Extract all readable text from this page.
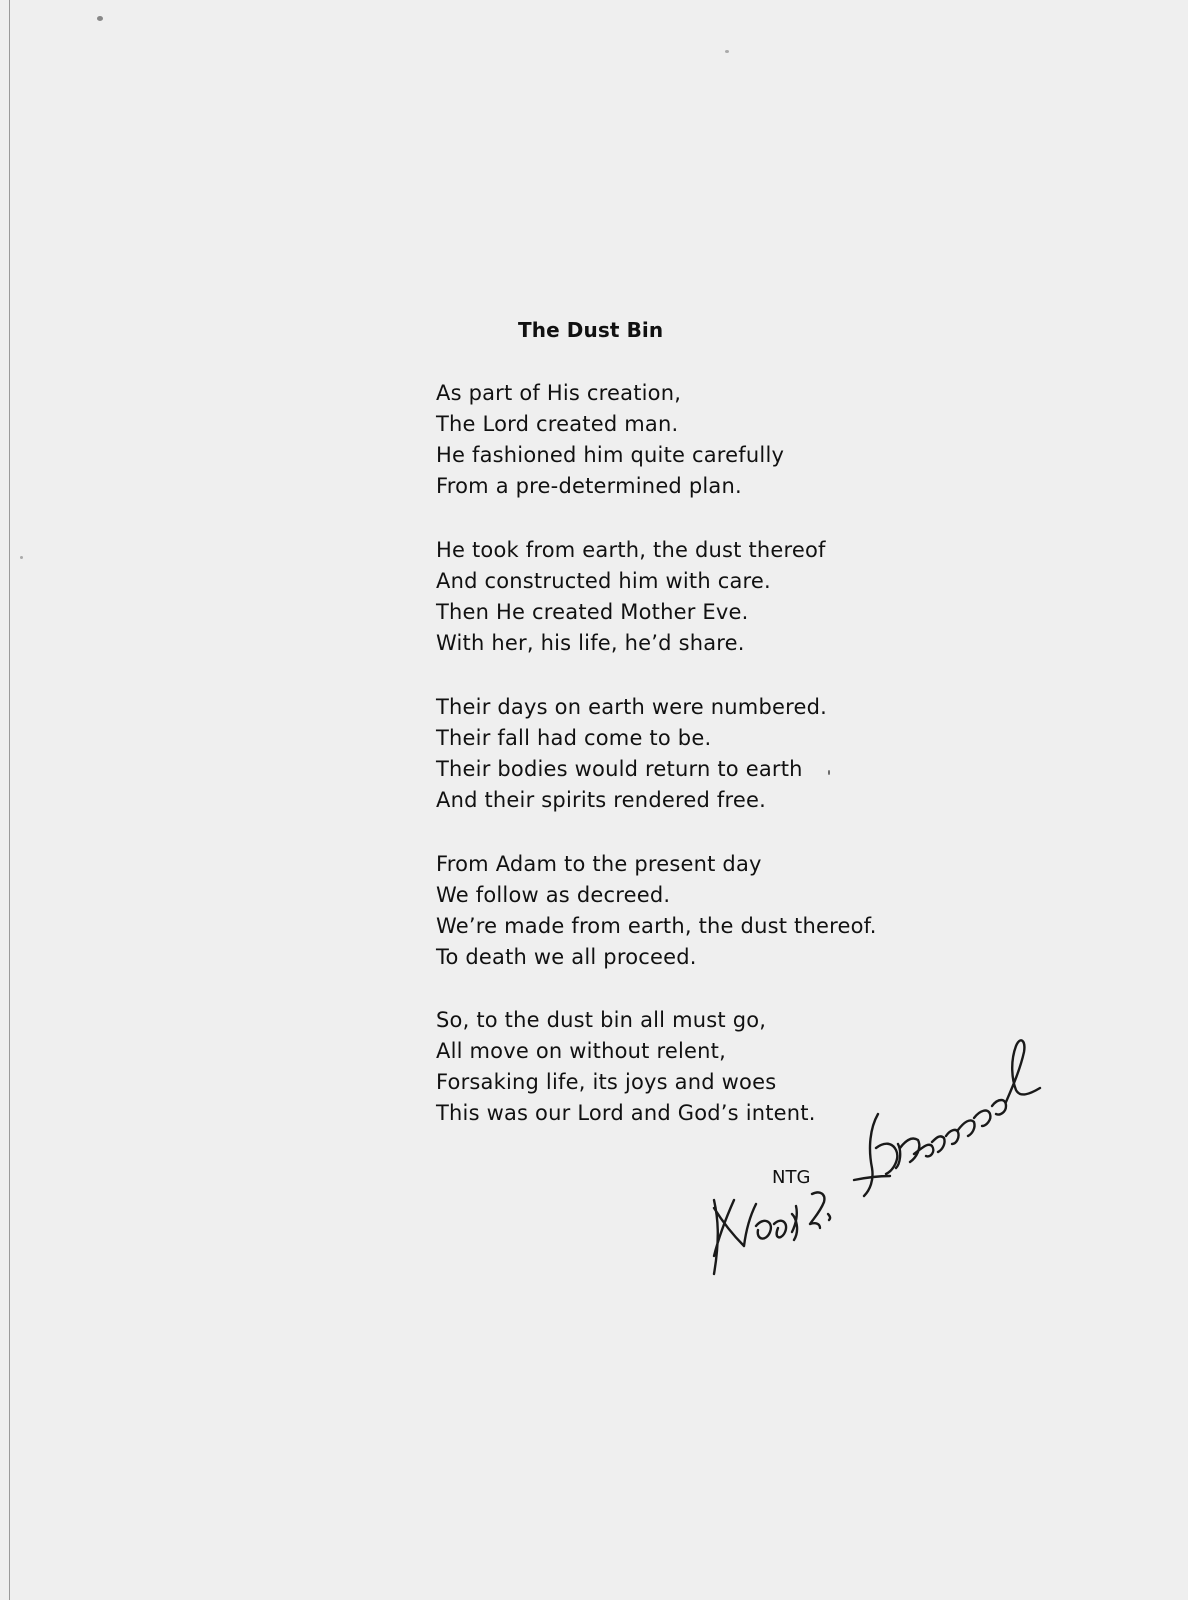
The Dust Bin
As part of His creation,
The Lord created man.
He fashioned him quite carefully
From a pre-determined plan.
He took from earth, the dust thereof
And constructed him with care.
Then He created Mother Eve.
With her, his life, he’d share.
Their days on earth were numbered.
Their fall had come to be.
Their bodies would return to earth
And their spirits rendered free.
From Adam to the present day
We follow as decreed.
We’re made from earth, the dust thereof.
To death we all proceed.
So, to the dust bin all must go,
All move on without relent,
Forsaking life, its joys and woes
This was our Lord and God’s intent.
NTG
